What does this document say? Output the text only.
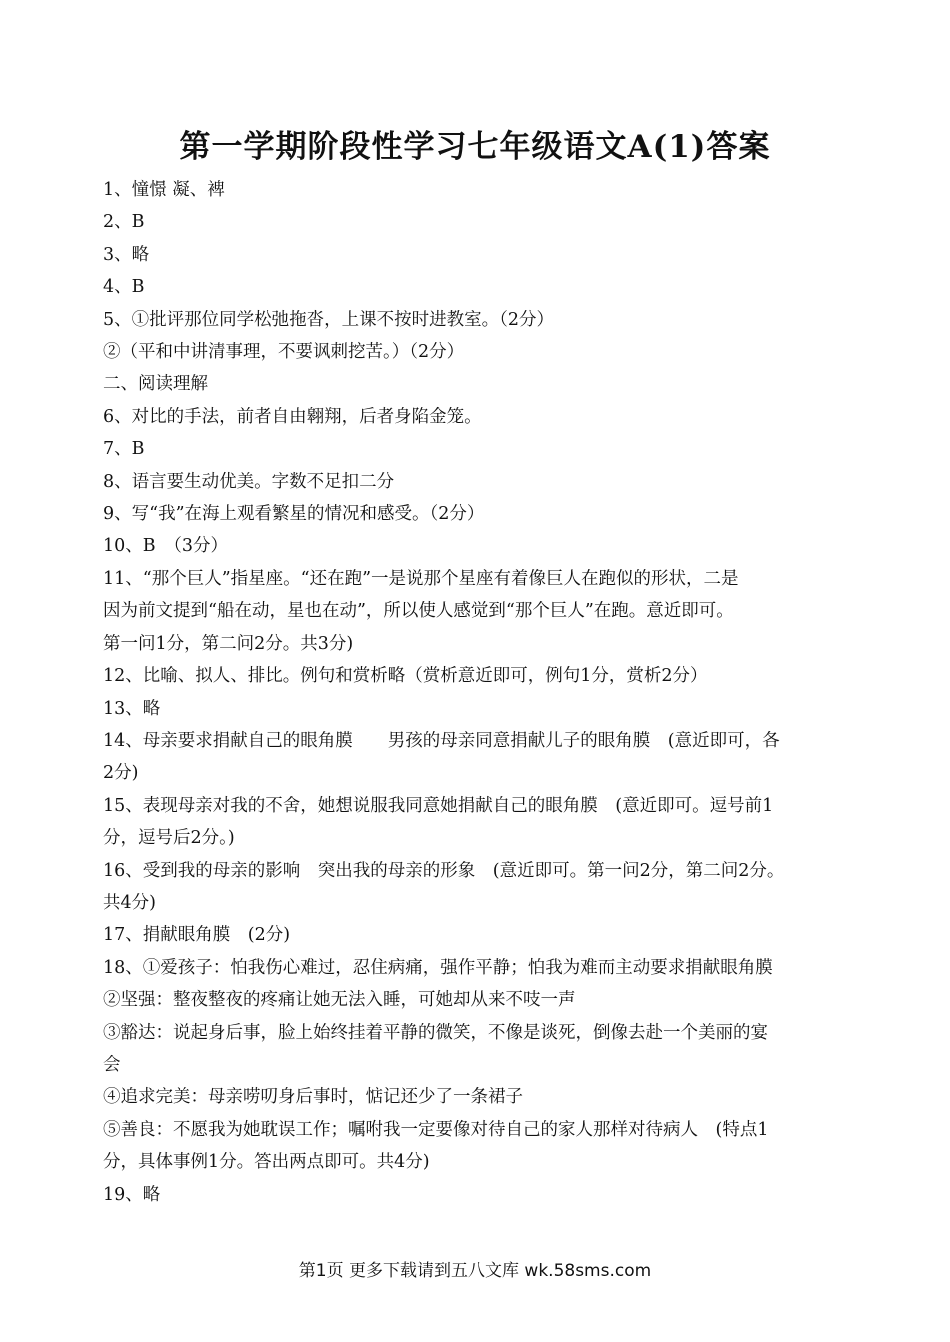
第一学期阶段性学习七年级语文A(1)答案
1、憧憬 凝、裨
2、B
3、略
4、B
5、①批评那位同学松弛拖沓，上课不按时进教室。（2分）
②（平和中讲清事理，不要讽刺挖苦。）（2分）
二、阅读理解
6、对比的手法，前者自由翱翔，后者身陷金笼。
7、B
8、语言要生动优美。字数不足扣二分
9、写“我”在海上观看繁星的情况和感受。（2分）
10、B　（3分）
11、“那个巨人”指星座。“还在跑”一是说那个星座有着像巨人在跑似的形状，二是
因为前文提到“船在动，星也在动”，所以使人感觉到“那个巨人”在跑。意近即可。
第一问1分，第二问2分。共3分)
12、比喻、拟人、排比。例句和赏析略（赏析意近即可，例句1分，赏析2分）
13、略
14、母亲要求捐献自己的眼角膜　　男孩的母亲同意捐献儿子的眼角膜　(意近即可，各
2分)
15、表现母亲对我的不舍，她想说服我同意她捐献自己的眼角膜　(意近即可。逗号前1
分，逗号后2分。)
16、受到我的母亲的影响　突出我的母亲的形象　(意近即可。第一问2分，第二问2分。
共4分)
17、捐献眼角膜　(2分)
18、①爱孩子：怕我伤心难过，忍住病痛，强作平静；怕我为难而主动要求捐献眼角膜
②坚强：整夜整夜的疼痛让她无法入睡，可她却从来不吱一声
③豁达：说起身后事，脸上始终挂着平静的微笑，不像是谈死，倒像去赴一个美丽的宴
会
④追求完美：母亲唠叨身后事时，惦记还少了一条裙子
⑤善良：不愿我为她耽误工作；嘱咐我一定要像对待自己的家人那样对待病人　(特点1
分，具体事例1分。答出两点即可。共4分)
19、略
第1页 更多下载请到五八文库 wk.58sms.com
